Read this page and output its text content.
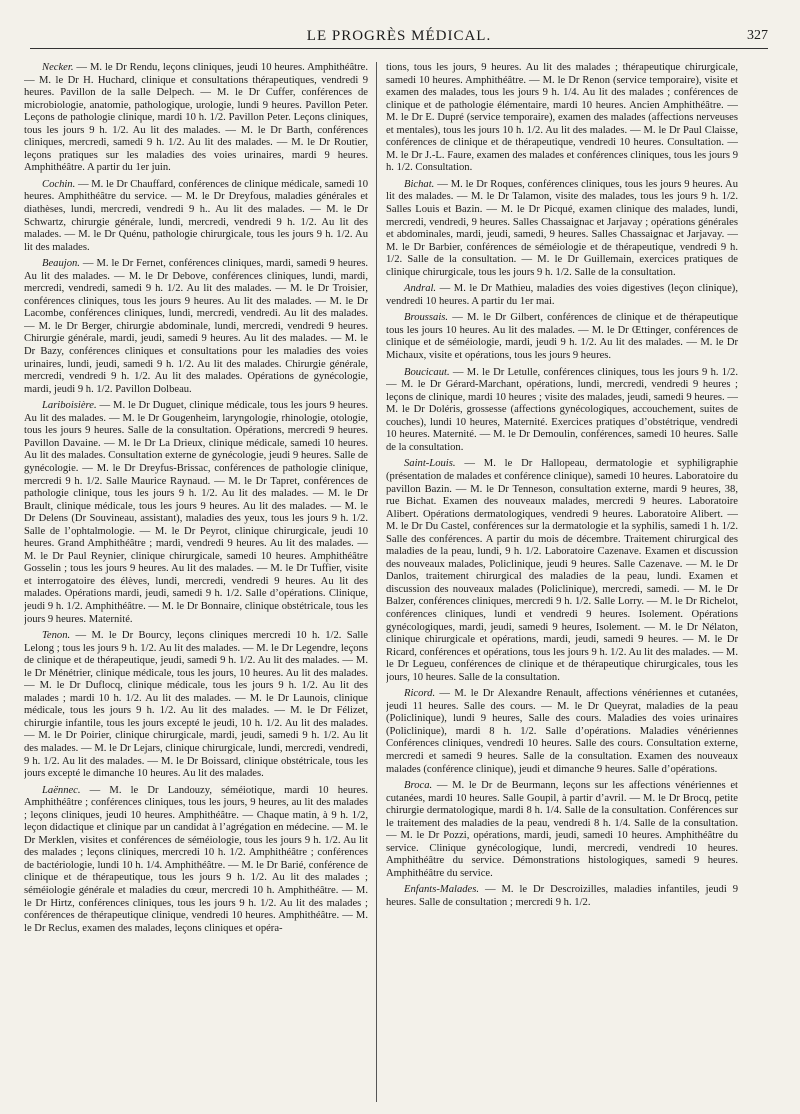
LE PROGRÈS MÉDICAL.	327

Necker. — M. le Dr Rendu, leçons cliniques, jeudi 10 heures. Amphithéâtre. — M. le Dr H. Huchard, clinique et consultations thérapeutiques, vendredi 9 heures. Pavillon de la salle Delpech. — M. le Dr Cuffer, conférences de microbiologie, anatomie, pathologique, urologie, lundi 9 heures. Pavillon Peter. Leçons de pathologie clinique, mardi 10 h. 1/2. Pavillon Peter. Leçons cliniques, tous les jours 9 h. 1/2. Au lit des malades. — M. le Dr Barth, conférences cliniques, mercredi, samedi 9 h. 1/2. Au lit des malades. — M. le Dr Routier, leçons pratiques sur les maladies des voies urinaires, mardi 9 heures. Amphithéâtre. A partir du 1er juin.

Cochin. — M. le Dr Chauffard, conférences de clinique médicale, samedi 10 heures. Amphithéâtre du service. — M. le Dr Dreyfous, maladies générales et diathèses, lundi, mercredi, vendredi 9 h.. Au lit des malades. — M. le Dr Schwartz, chirurgie générale, lundi, mercredi, vendredi 9 h. 1/2. Au lit des malades. — M. le Dr Quénu, pathologie chirurgicale, tous les jours 9 h. 1/2. Au lit des malades.

Beaujon. — M. le Dr Fernet, conférences cliniques, mardi, samedi 9 heures. Au lit des malades. — M. le Dr Debove, conférences cliniques, lundi, mardi, mercredi, vendredi, samedi 9 h. 1/2. Au lit des malades. — M. le Dr Troisier, conférences cliniques, tous les jours 9 heures. Au lit des malades. — M. le Dr Lacombe, conférences cliniques, lundi, mercredi, vendredi. Au lit des malades. — M. le Dr Berger, chirurgie abdominale, lundi, mercredi, vendredi 9 heures. Chirurgie générale, mardi, jeudi, samedi 9 heures. Au lit des malades. — M. le Dr Bazy, conférences cliniques et consultations pour les maladies des voies urinaires, lundi, jeudi, samedi 9 h. 1/2. Au lit des malades. Chirurgie générale, mercredi, vendredi 9 h. 1/2. Au lit des malades. Opérations de gynécologie, mardi, jeudi 9 h. 1/2. Pavillon Dolbeau.

Lariboisière. — M. le Dr Duguet, clinique médicale, tous les jours 9 heures. Au lit des malades. — M. le Dr Gougenheim, laryngologie, rhinologie, otologie, tous les jours 9 heures. Salle de la consultation. Opérations, mercredi 9 heures. Pavillon Davaine. — M. le Dr La Drieux, clinique médicale, samedi 10 heures. Au lit des malades. Consultation externe de gynécologie, jeudi 9 heures. Salle de gynécologie. — M. le Dr Dreyfus-Brissac, conférences de pathologie clinique, mercredi 9 h. 1/2. Salle Maurice Raynaud. — M. le Dr Tapret, conférences de pathologie clinique, tous les jours 9 h. 1/2. Au lit des malades. — M. le Dr Brault, clinique médicale, tous les jours 9 heures. Au lit des malades. — M. le Dr Delens (Dr Souvineau, assistant), maladies des yeux, tous les jours 9 h. 1/2. Salle de l’ophtalmologie. — M. le Dr Peyrot, clinique chirurgicale, jeudi 10 heures. Grand Amphithéâtre ; mardi, vendredi 9 heures. Au lit des malades. — M. le Dr Paul Reynier, clinique chirurgicale, samedi 10 heures. Amphithéâtre Gosselin ; tous les jours 9 heures. Au lit des malades. — M. le Dr Tuffier, visite et interrogatoire des élèves, lundi, mercredi, vendredi 9 heures. Au lit des malades. Opérations mardi, jeudi, samedi 9 h. 1/2. Salle d’opérations. Clinique, jeudi 9 h. 1/2. Amphithéâtre. — M. le Dr Bonnaire, clinique obstétricale, tous les jours 9 heures. Maternité.

Tenon. — M. le Dr Bourcy, leçons cliniques mercredi 10 h. 1/2. Salle Lelong ; tous les jours 9 h. 1/2. Au lit des malades. — M. le Dr Legendre, leçons de clinique et de thérapeutique, jeudi, samedi 9 h. 1/2. Au lit des malades. — M. le Dr Ménétrier, clinique médicale, tous les jours, 10 heures. Au lit des malades. — M. le Dr Duflocq, clinique médicale, tous les jours 9 h. 1/2. Au lit des malades ; mardi 10 h. 1/2. Au lit des malades. — M. le Dr Launois, clinique médicale, tous les jours 9 h. 1/2. Au lit des malades. — M. le Dr Félizet, chirurgie infantile, tous les jours excepté le jeudi, 10 h. 1/2. Au lit des malades. — M. le Dr Poirier, clinique chirurgicale, mardi, jeudi, samedi 9 h. 1/2. Au lit des malades. — M. le Dr Lejars, clinique chirurgicale, lundi, mercredi, vendredi, 9 h. 1/2. Au lit des malades. — M. le Dr Boissard, clinique obstétricale, tous les jours excepté le dimanche 10 heures. Au lit des malades.

Laënnec. — M. le Dr Landouzy, séméiotique, mardi 10 heures. Amphithéâtre ; conférences cliniques, tous les jours, 9 heures, au lit des malades ; leçons cliniques, jeudi 10 heures. Amphithéâtre. — Chaque matin, à 9 h. 1/2, leçon didactique et clinique par un candidat à l’agrégation en médecine. — M. le Dr Merklen, visites et conférences de séméiologie, tous les jours 9 h. 1/2. Au lit des malades ; leçons cliniques, mercredi 10 h. 1/2. Amphithéâtre ; conférences de bactériologie, lundi 10 h. 1/4. Amphithéâtre. — M. le Dr Barié, conférence de clinique et de thérapeutique, tous les jours 9 h. 1/2. Au lit des malades ; séméiologie générale et maladies du cœur, mercredi 10 h. Amphithéâtre. — M. le Dr Hirtz, conférences cliniques, tous les jours 9 h. 1/2. Au lit des malades ; conférences de thérapeutique clinique, vendredi 10 heures. Amphithéâtre. — M. le Dr Reclus, examen des malades, leçons cliniques et opéra-

tions, tous les jours, 9 heures. Au lit des malades ; thérapeutique chirurgicale, samedi 10 heures. Amphithéâtre. — M. le Dr Renon (service temporaire), visite et examen des malades, tous les jours 9 h. 1/4. Au lit des malades ; conférences de clinique et de pathologie élémentaire, mardi 10 heures. Ancien Amphithéâtre. — M. le Dr E. Dupré (service temporaire), examen des malades (affections nerveuses et mentales), tous les jours 10 h. 1/2. Au lit des malades. — M. le Dr Paul Claisse, conférences de clinique et de thérapeutique, vendredi 10 heures. Consultation. — M. le Dr J.-L. Faure, examen des malades et conférences cliniques, tous les jours 9 h. 1/2. Consultation.

Bichat. — M. le Dr Roques, conférences cliniques, tous les jours 9 heures. Au lit des malades. — M. le Dr Talamon, visite des malades, tous les jours 9 h. 1/2. Salles Louis et Bazin. — M. le Dr Picqué, examen clinique des malades, lundi, mercredi, vendredi, 9 heures. Salles Chassaignac et Jarjavay ; opérations générales et abdominales, mardi, jeudi, samedi, 9 heures. Salles Chassaignac et Jarjavay. — M. le Dr Barbier, conférences de séméiologie et de thérapeutique, vendredi 9 h. 1/2. Salle de la consultation. — M. le Dr Guillemain, exercices pratiques de clinique chirurgicale, tous les jours 9 h. 1/2. Salle de la consultation.

Andral. — M. le Dr Mathieu, maladies des voies digestives (leçon clinique), vendredi 10 heures. A partir du 1er mai.

Broussais. — M. le Dr Gilbert, conférences de clinique et de thérapeutique tous les jours 10 heures. Au lit des malades. — M. le Dr Œttinger, conférences de clinique et de séméiologie, mardi, jeudi 9 h. 1/2. Au lit des malades. — M. le Dr Michaux, visite et opérations, tous les jours 9 heures.

Boucicaut. — M. le Dr Letulle, conférences cliniques, tous les jours 9 h. 1/2. — M. le Dr Gérard-Marchant, opérations, lundi, mercredi, vendredi 9 heures ; leçons de clinique, mardi 10 heures ; visite des malades, jeudi, samedi 9 heures. — M. le Dr Doléris, grossesse (affections gynécologiques, accouchement, suites de couches), lundi 10 heures, Maternité. Exercices pratiques d’obstétrique, vendredi 10 heures. Maternité. — M. le Dr Demoulin, conférences, samedi 10 heures. Salle de la consultation.

Saint-Louis. — M. le Dr Hallopeau, dermatologie et syphiligraphie (présentation de malades et conférence clinique), samedi 10 heures. Laboratoire du pavillon Bazin. — M. le Dr Tenneson, consultation externe, mardi 9 heures, 38, rue Bichat. Examen des nouveaux malades, mercredi 9 heures. Laboratoire Alibert. Opérations dermatologiques, vendredi 9 heures. Laboratoire Alibert. — M. le Dr Du Castel, conférences sur la dermatologie et la syphilis, samedi 1 h. 1/2. Salle des conférences. A partir du mois de décembre. Traitement chirurgical des maladies de la peau, lundi, 9 h. 1/2. Laboratoire Cazenave. Examen et discussion des nouveaux malades, Policlinique, jeudi 9 heures. Salle Cazenave. — M. le Dr Danlos, traitement chirurgical des maladies de la peau, lundi. Examen et discussion des nouveaux malades (Policlinique), mercredi, samedi. — M. le Dr Balzer, conférences cliniques, mercredi 9 h. 1/2. Salle Lorry. — M. le Dr Richelot, conférences cliniques, lundi et vendredi 9 heures. Isolement. Opérations gynécologiques, mardi, jeudi, samedi 9 heures, Isolement. — M. le Dr Nélaton, clinique chirurgicale et opérations, mardi, jeudi, samedi 9 heures. — M. le Dr Ricard, conférences et opérations, tous les jours 9 h. 1/2. Au lit des malades. — M. le Dr Legueu, conférences de clinique et de thérapeutique chirurgicales, tous les jours, 10 heures. Salle de la consultation.

Ricord. — M. le Dr Alexandre Renault, affections vénériennes et cutanées, jeudi 11 heures. Salle des cours. — M. le Dr Queyrat, maladies de la peau (Policlinique), lundi 9 heures, Salle des cours. Maladies des voies urinaires (Policlinique), mardi 8 h. 1/2. Salle d’opérations. Maladies vénériennes Conférences cliniques, vendredi 10 heures. Salle des cours. Consultation externe, mercredi et samedi 9 heures. Salle de la consultation. Examen des nouveaux malades (conférence clinique), jeudi et dimanche 9 heures. Salle d’opérations.

Broca. — M. le Dr de Beurmann, leçons sur les affections vénériennes et cutanées, mardi 10 heures. Salle Goupil, à partir d’avril. — M. le Dr Brocq, petite chirurgie dermatologique, mardi 8 h. 1/4. Salle de la consultation. Conférences sur le traitement des maladies de la peau, vendredi 8 h. 1/4. Salle de la consultation. — M. le Dr Pozzi, opérations, mardi, jeudi, samedi 10 heures. Amphithéâtre du service. Clinique gynécologique, lundi, mercredi, vendredi 10 heures. Amphithéâtre du service. Démonstrations histologiques, samedi 9 heures. Amphithéâtre du service.

Enfants-Malades. — M. le Dr Descroizilles, maladies infantiles, jeudi 9 heures. Salle de consultation ; mercredi 9 h. 1/2.
